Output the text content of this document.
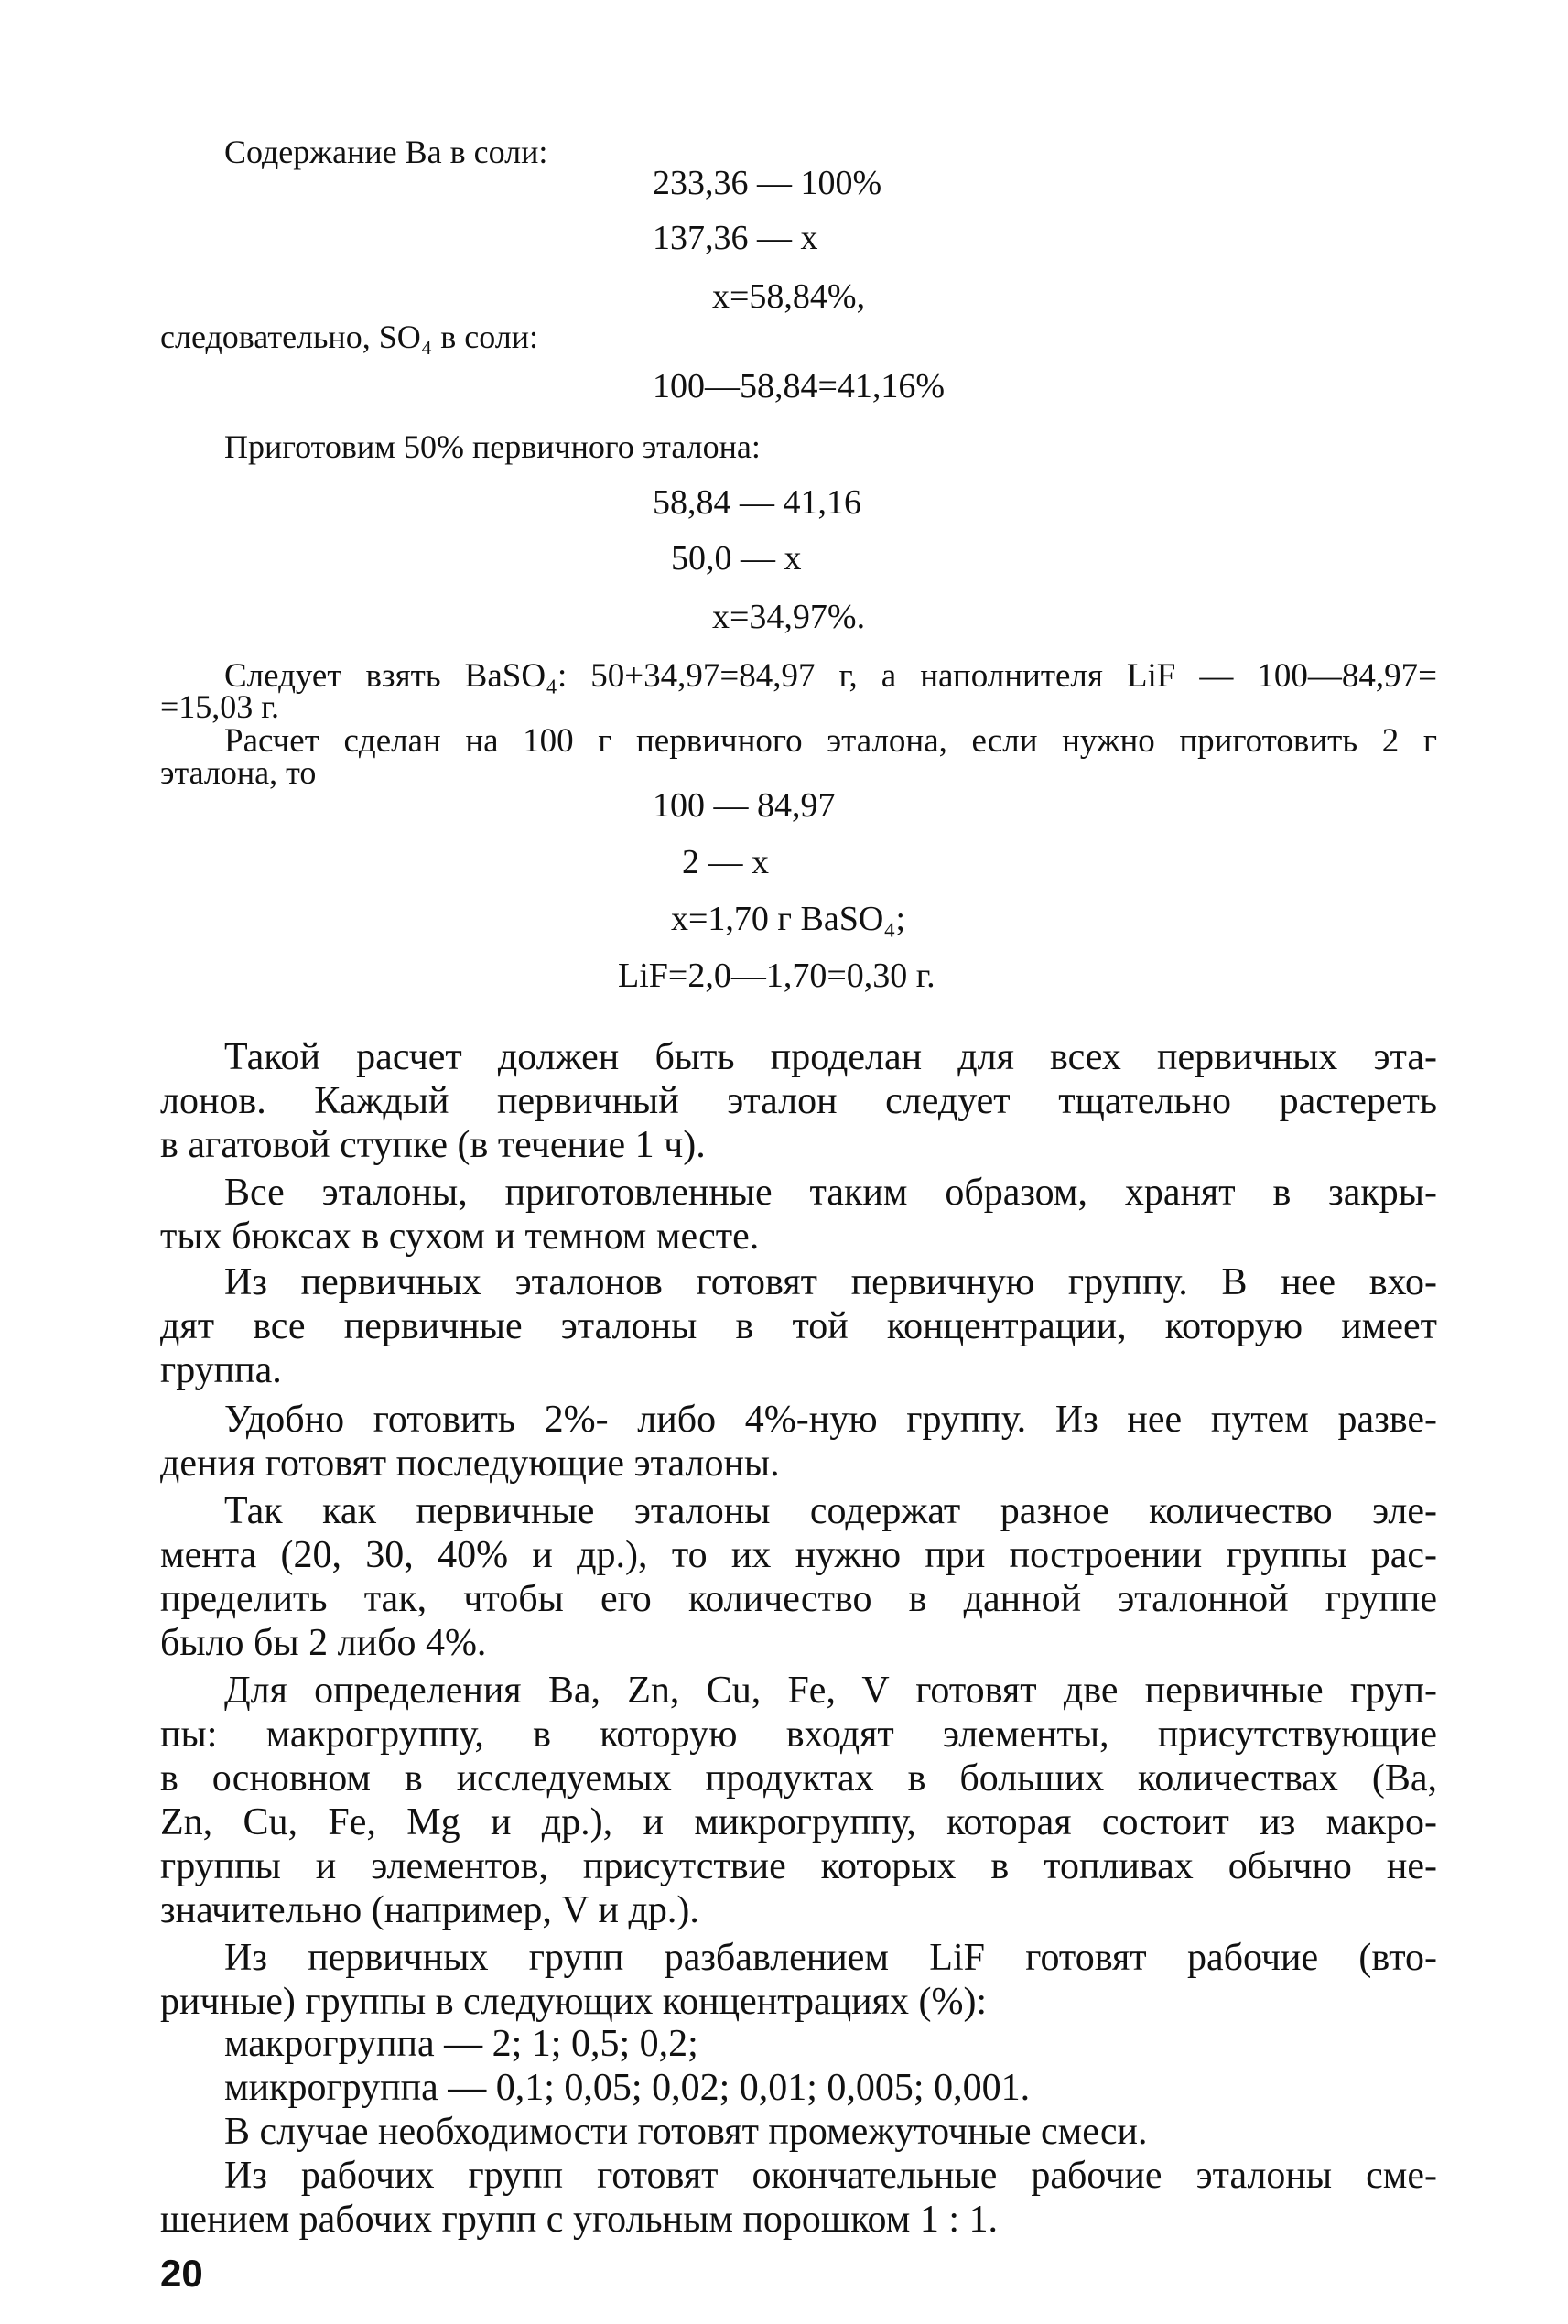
Содержание Ва в соли:
233,36 — 100%
137,36 — x
x=58,84%,
следовательно, SO₄ в соли:
100—58,84=41,16%
Приготовим 50% первичного эталона:
58,84 — 41,16
50,0 — x
x=34,97%.
Следует взять BaSO₄: 50+34,97=84,97 г, а наполнителя LiF — 100—84,97=
=15,03 г.
Расчет сделан на 100 г первичного эталона, если нужно приготовить 2 г
эталона, то
100 — 84,97
2 — x
x=1,70 г BaSO₄;
LiF=2,0—1,70=0,30 г.
Такой расчет должен быть проделан для всех первичных эта-
лонов. Каждый первичный эталон следует тщательно растереть
в агатовой ступке (в течение 1 ч).
Все эталоны, приготовленные таким образом, хранят в закры-
тых бюксах в сухом и темном месте.
Из первичных эталонов готовят первичную группу. В нее вхо-
дят все первичные эталоны в той концентрации, которую имеет
группа.
Удобно готовить 2%- либо 4%-ную группу. Из нее путем разве-
дения готовят последующие эталоны.
Так как первичные эталоны содержат разное количество эле-
мента (20, 30, 40% и др.), то их нужно при построении группы рас-
пределить так, чтобы его количество в данной эталонной группе
было бы 2 либо 4%.
Для определения Ba, Zn, Cu, Fe, V готовят две первичные груп-
пы: макрогруппу, в которую входят элементы, присутствующие
в основном в исследуемых продуктах в больших количествах (Ba,
Zn, Cu, Fe, Mg и др.), и микрогруппу, которая состоит из макро-
группы и элементов, присутствие которых в топливах обычно не-
значительно (например, V и др.).
Из первичных групп разбавлением LiF готовят рабочие (вто-
ричные) группы в следующих концентрациях (%):
макрогруппа — 2; 1; 0,5; 0,2;
микрогруппа — 0,1; 0,05; 0,02; 0,01; 0,005; 0,001.
В случае необходимости готовят промежуточные смеси.
Из рабочих групп готовят окончательные рабочие эталоны сме-
шением рабочих групп с угольным порошком 1 : 1.
20
